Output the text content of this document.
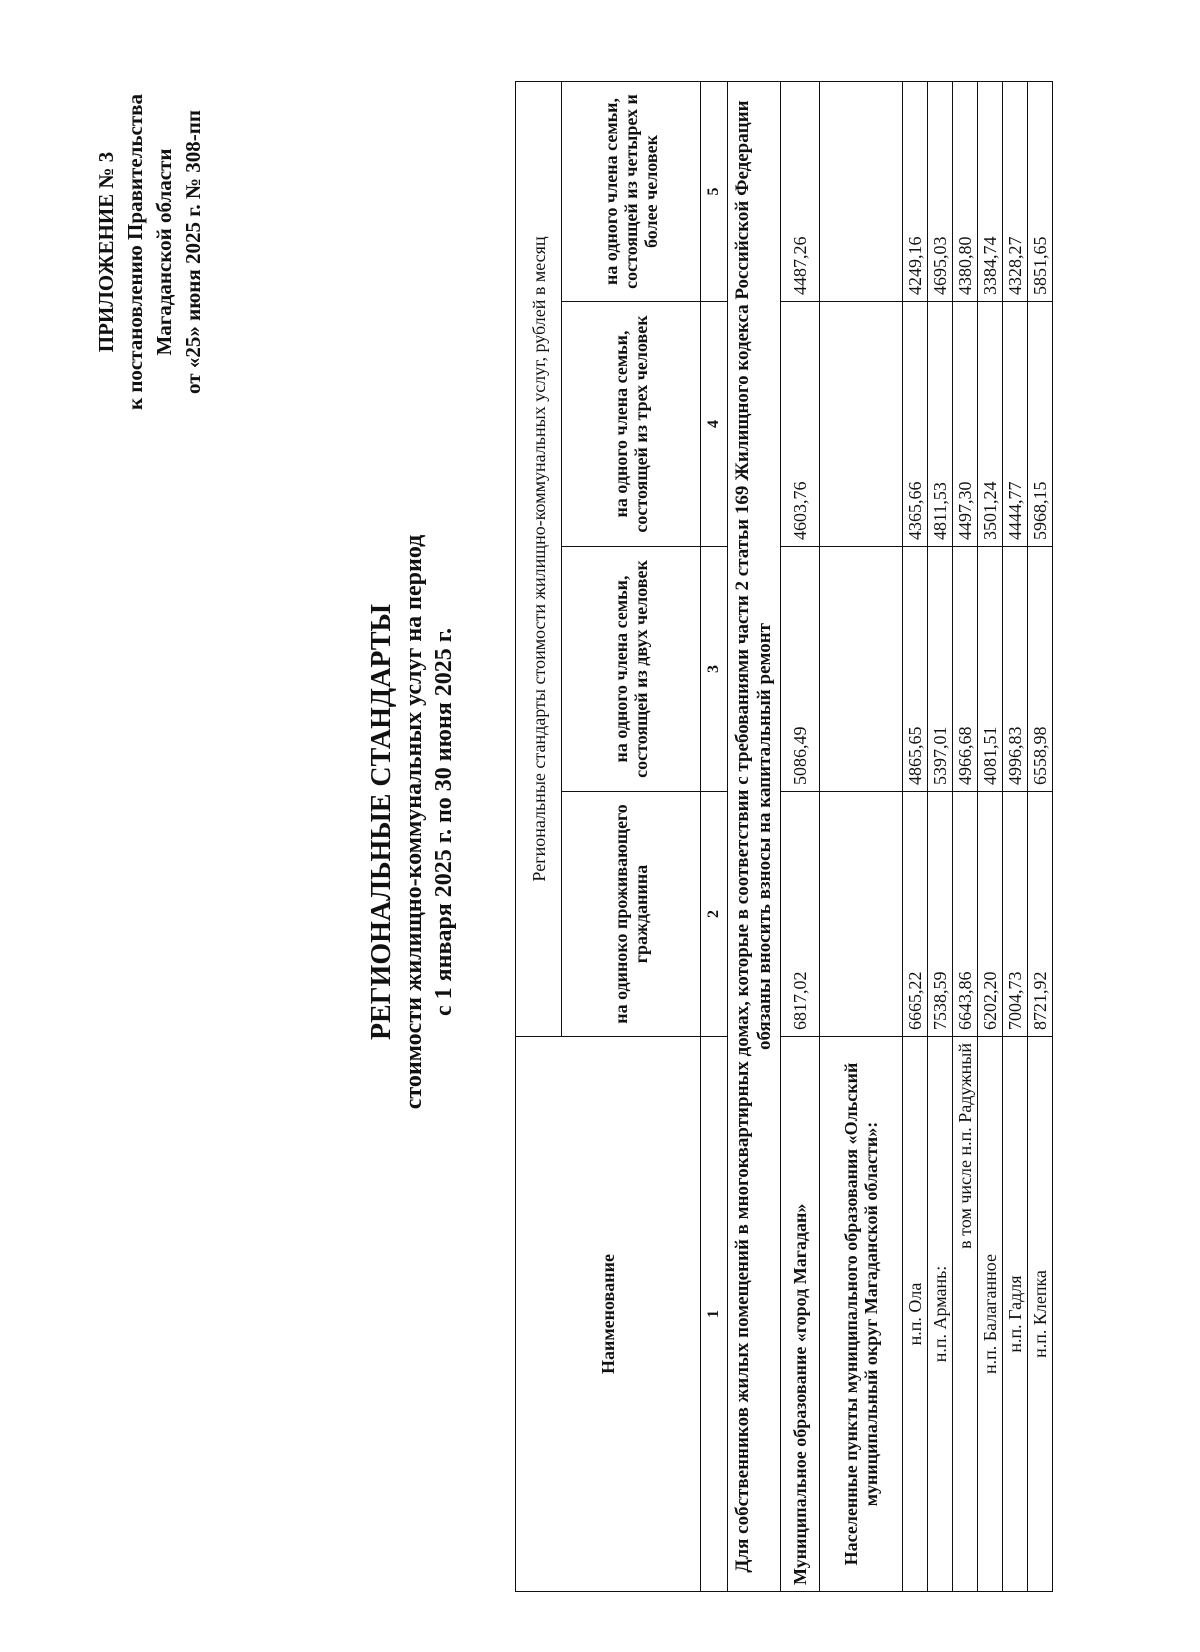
ПРИЛОЖЕНИЕ № 3 к постановлению Правительства Магаданской области от «25» июня 2025 г. № 308-пп
РЕГИОНАЛЬНЫЕ СТАНДАРТЫ стоимости жилищно-коммунальных услуг на период с 1 января 2025 г. по 30 июня 2025 г.
Наименование	Региональные стандарты стоимости жилищно-коммунальных услуг, рублей в месяц			
	на одиноко проживающего гражданина	на одного члена семьи, состоящей из двух человек	на одного члена семьи, состоящей из трех человек	на одного члена семьи, состоящей из четырех и более человек
1	2	3	4	5
Для собственников жилых помещений в многоквартирных домах, которые в соответствии с требованиями части 2 статьи 169 Жилищного кодекса Российской Федерации обязаны вносить взносы на капитальный ремонт				
Муниципальное образование «город Магадан»	6817,02	5086,49	4603,76	4487,26
Населенные пункты муниципального образования «Ольский муниципальный округ Магаданской области»:				
н.п. Ола	6665,22	4865,65	4365,66	4249,16
н.п. Армань:	7538,59	5397,01	4811,53	4695,03
в том числе н.п. Радужный	6643,86	4966,68	4497,30	4380,80
н.п. Балаганное	6202,20	4081,51	3501,24	3384,74
н.п. Гадля	7004,73	4996,83	4444,77	4328,27
н.п. Клепка	8721,92	6558,98	5968,15	5851,65
